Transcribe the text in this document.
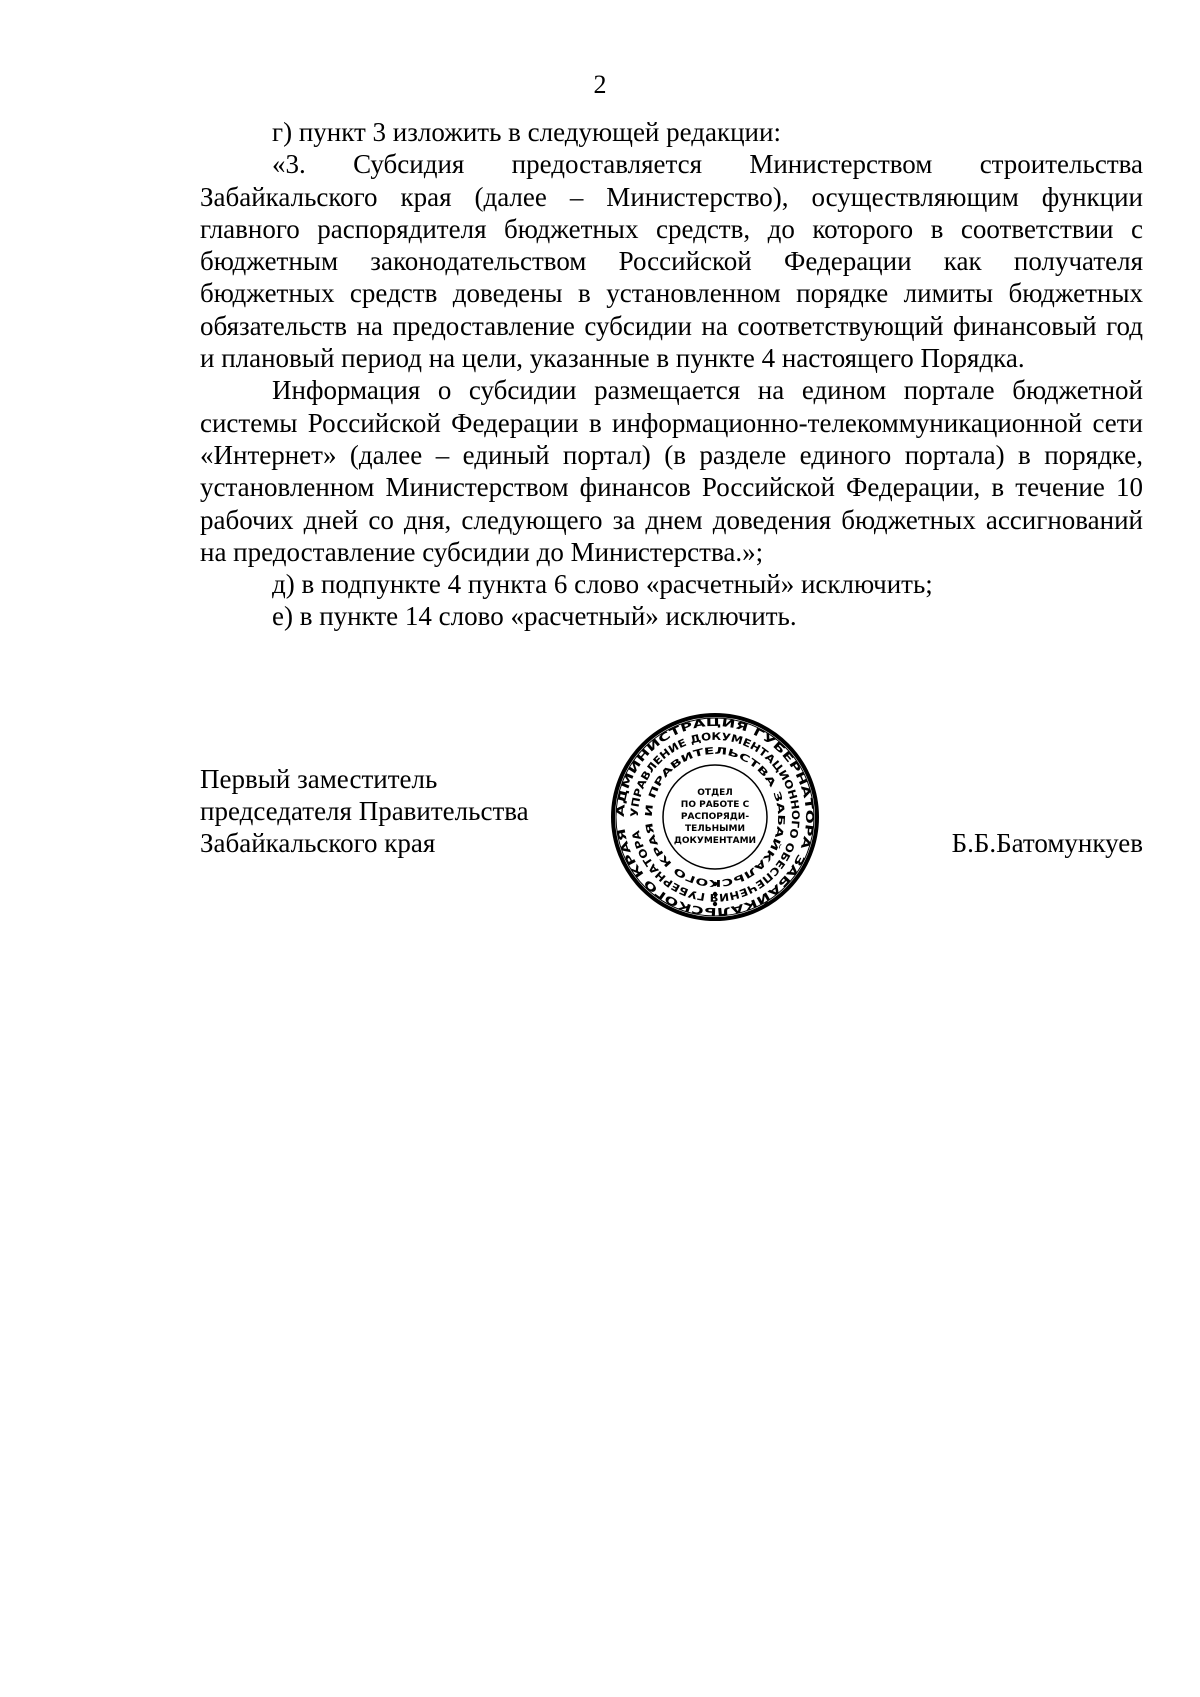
2

г) пункт 3 изложить в следующей редакции:

«3. Субсидия предоставляется Министерством строительства Забайкальского края (далее – Министерство), осуществляющим функции главного распорядителя бюджетных средств, до которого в соответствии с бюджетным законодательством Российской Федерации как получателя бюджетных средств доведены в установленном порядке лимиты бюджетных обязательств на предоставление субсидии на соответствующий финансовый год и плановый период на цели, указанные в пункте 4 настоящего Порядка.

Информация о субсидии размещается на едином портале бюджетной системы Российской Федерации в информационно-телекоммуникационной сети «Интернет» (далее – единый портал) (в разделе единого портала) в порядке, установленном Министерством финансов Российской Федерации, в течение 10 рабочих дней со дня, следующего за днем доведения бюджетных ассигнований на предоставление субсидии до Министерства.»;

д) в подпункте 4 пункта 6 слово «расчетный» исключить;

е) в пункте 14 слово «расчетный» исключить.

Первый заместитель
председателя Правительства
Забайкальского края	Б.Б.Батомункуев
АДМИНИСТРАЦИЯ ГУБЕРНАТОРА ЗАБАЙКАЛЬСКОГО КРАЯ
УПРАВЛЕНИЕ ДОКУМЕНТАЦИОННОГО ОБЕСПЕЧЕНИЯ ГУБЕРНАТОРА
И ПРАВИТЕЛЬСТВА ЗАБАЙКАЛЬСКОГО КРАЯ
ОТДЕЛ
ПО РАБОТЕ С
РАСПОРЯДИ-
ТЕЛЬНЫМИ
ДОКУМЕНТАМИ
